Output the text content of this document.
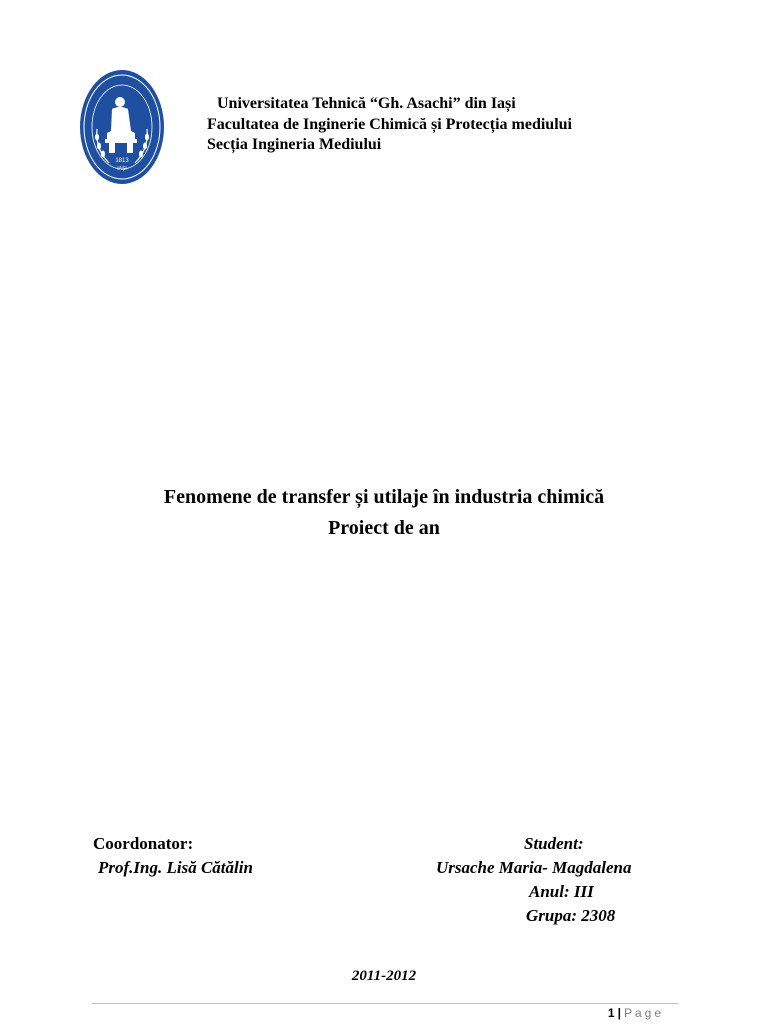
1813
IAȘI
Universitatea Tehnică “Gh. Asachi” din Iași
Facultatea de Inginerie Chimică și Protecția mediului
Secția Ingineria Mediului
Fenomene de transfer și utilaje în industria chimică
Proiect de an
Coordonator:
Prof.Ing. Lisă Cătălin
Student:
Ursache Maria- Magdalena
Anul: III
Grupa: 2308
2011-2012
1 | Page
